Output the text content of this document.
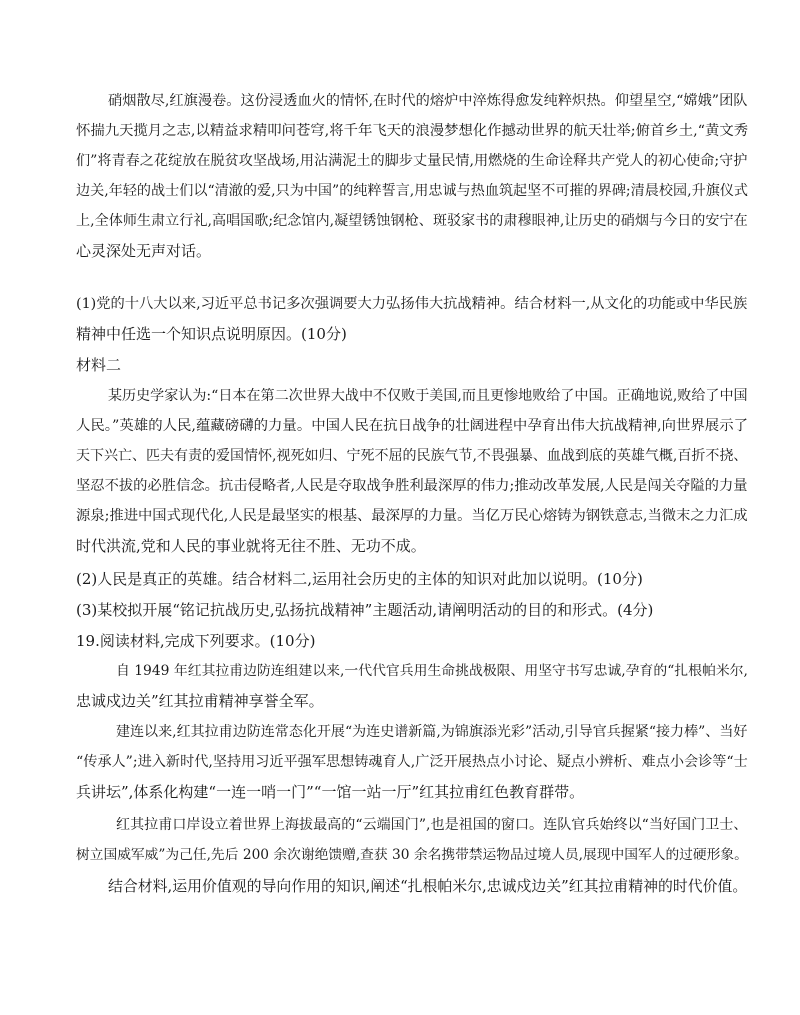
硝烟散尽,红旗漫卷。这份浸透血火的情怀,在时代的熔炉中淬炼得愈发纯粹炽热。仰望星空,“嫦娥”团队
怀揣九天揽月之志,以精益求精叩问苍穹,将千年飞天的浪漫梦想化作撼动世界的航天壮举;俯首乡土,“黄文秀
们”将青春之花绽放在脱贫攻坚战场,用沾满泥土的脚步丈量民情,用燃烧的生命诠释共产党人的初心使命;守护
边关,年轻的战士们以“清澈的爱,只为中国”的纯粹誓言,用忠诚与热血筑起坚不可摧的界碑;清晨校园,升旗仪式
上,全体师生肃立行礼,高唱国歌;纪念馆内,凝望锈蚀钢枪、斑驳家书的肃穆眼神,让历史的硝烟与今日的安宁在
心灵深处无声对话。
(1)党的十八大以来,习近平总书记多次强调要大力弘扬伟大抗战精神。结合材料一,从文化的功能或中华民族
精神中任选一个知识点说明原因。(10分)
材料二
某历史学家认为:“日本在第二次世界大战中不仅败于美国,而且更惨地败给了中国。正确地说,败给了中国
人民。”英雄的人民,蕴藏磅礴的力量。中国人民在抗日战争的壮阔进程中孕育出伟大抗战精神,向世界展示了
天下兴亡、匹夫有责的爱国情怀,视死如归、宁死不屈的民族气节,不畏强暴、血战到底的英雄气概,百折不挠、
坚忍不拔的必胜信念。抗击侵略者,人民是夺取战争胜利最深厚的伟力;推动改革发展,人民是闯关夺隘的力量
源泉;推进中国式现代化,人民是最坚实的根基、最深厚的力量。当亿万民心熔铸为钢铁意志,当微末之力汇成
时代洪流,党和人民的事业就将无往不胜、无功不成。
(2)人民是真正的英雄。结合材料二,运用社会历史的主体的知识对此加以说明。(10分)
(3)某校拟开展“铭记抗战历史,弘扬抗战精神”主题活动,请阐明活动的目的和形式。(4分)
19.阅读材料,完成下列要求。(10分)
自 1949 年红其拉甫边防连组建以来,一代代官兵用生命挑战极限、用坚守书写忠诚,孕育的“扎根帕米尔,
忠诚戍边关”红其拉甫精神享誉全军。
建连以来,红其拉甫边防连常态化开展“为连史谱新篇,为锦旗添光彩”活动,引导官兵握紧“接力棒”、当好
“传承人”;进入新时代,坚持用习近平强军思想铸魂育人,广泛开展热点小讨论、疑点小辨析、难点小会诊等“士
兵讲坛”,体系化构建“一连一哨一门”“一馆一站一厅”红其拉甫红色教育群带。
红其拉甫口岸设立着世界上海拔最高的“云端国门”,也是祖国的窗口。连队官兵始终以“当好国门卫士、
树立国威军威”为己任,先后 200 余次谢绝馈赠,查获 30 余名携带禁运物品过境人员,展现中国军人的过硬形象。
结合材料,运用价值观的导向作用的知识,阐述“扎根帕米尔,忠诚戍边关”红其拉甫精神的时代价值。
